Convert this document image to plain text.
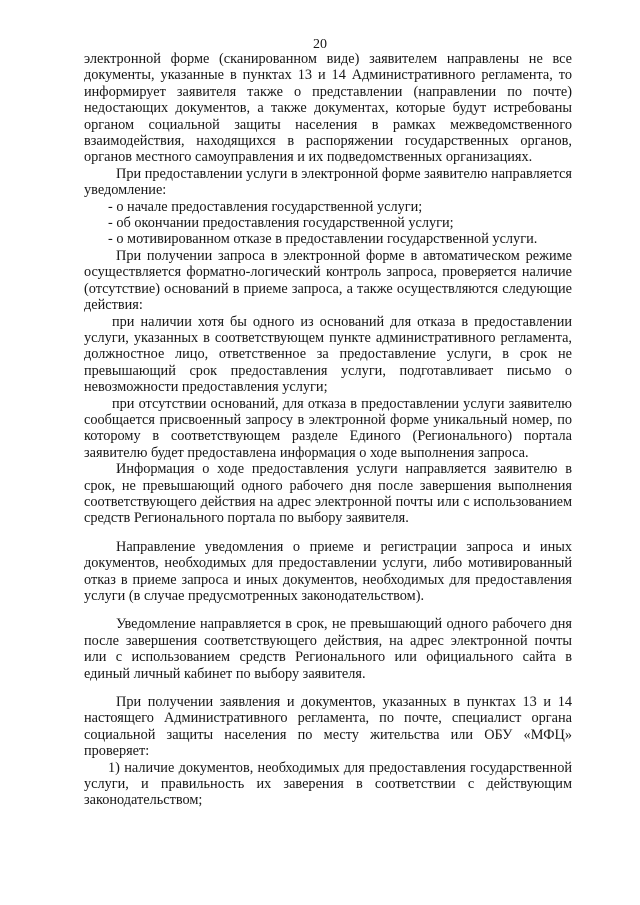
20

электронной форме (сканированном виде) заявителем направлены не все документы, указанные в пунктах 13 и 14 Административного регламента, то информирует заявителя также о представлении (направлении по почте) недостающих документов, а также документах, которые будут истребованы органом социальной защиты населения в рамках межведомственного взаимодействия, находящихся в распоряжении государственных органов, органов местного самоуправления и их подведомственных организациях.

При предоставлении услуги в электронной форме заявителю направляется уведомление:

- о начале предоставления государственной услуги;

- об окончании предоставления государственной услуги;

- о мотивированном отказе в предоставлении государственной услуги.

При получении запроса в электронной форме в автоматическом режиме осуществляется форматно-логический контроль запроса, проверяется наличие (отсутствие) оснований в приеме запроса, а также осуществляются следующие действия:

при наличии хотя бы одного из оснований для отказа в предоставлении услуги, указанных в соответствующем пункте административного регламента, должностное лицо, ответственное за предоставление услуги, в срок не превышающий срок предоставления услуги, подготавливает письмо о невозможности предоставления услуги;

при отсутствии оснований, для отказа в предоставлении услуги заявителю сообщается присвоенный запросу в электронной форме уникальный номер, по которому в соответствующем разделе Единого (Регионального) портала заявителю будет предоставлена информация о ходе выполнения запроса.

Информация о ходе предоставления услуги направляется заявителю в срок, не превышающий одного рабочего дня после завершения выполнения соответствующего действия на адрес электронной почты или с использованием средств Регионального портала по выбору заявителя.

Направление уведомления о приеме и регистрации запроса и иных документов, необходимых для предоставлении услуги, либо мотивированный отказ в приеме запроса и иных документов, необходимых для предоставления услуги (в случае предусмотренных законодательством).

Уведомление направляется в срок, не превышающий одного рабочего дня после завершения соответствующего действия, на адрес электронной почты или с использованием средств Регионального или официального сайта в единый личный кабинет по выбору заявителя.

При получении заявления и документов, указанных в пунктах 13 и 14 настоящего Административного регламента, по почте, специалист органа социальной защиты населения по месту жительства или ОБУ «МФЦ» проверяет:

1) наличие документов, необходимых для предоставления государственной услуги, и правильность их заверения в соответствии с действующим законодательством;
